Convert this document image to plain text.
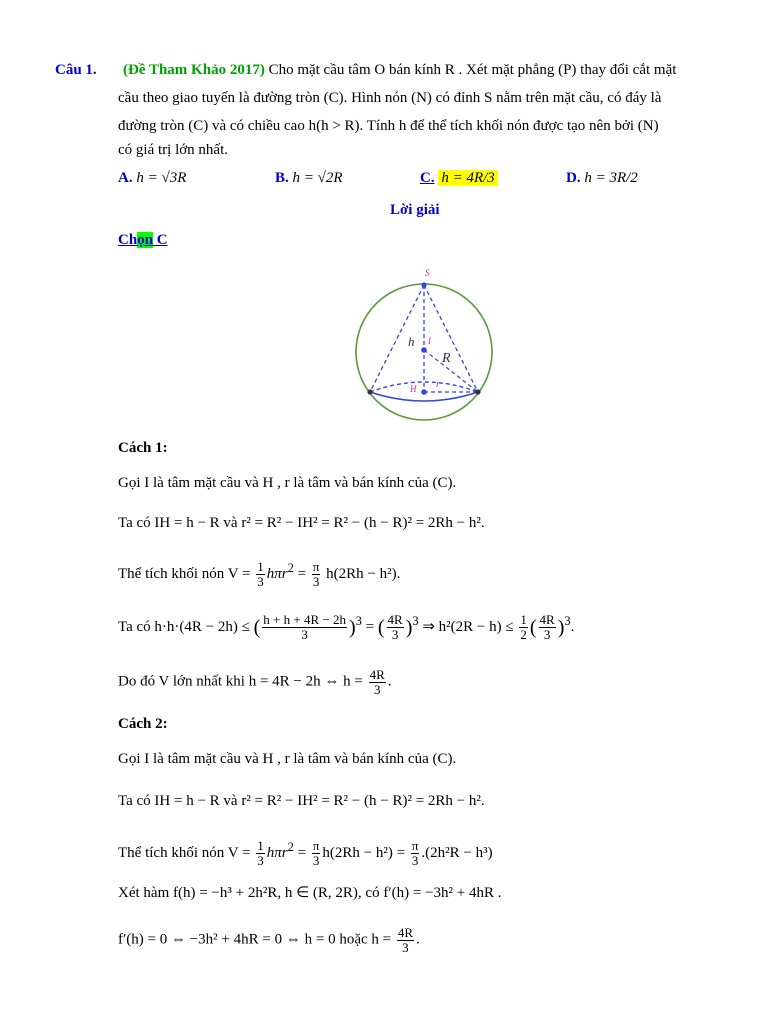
Câu 1. (Đề Tham Khảo 2017) Cho mặt cầu tâm O bán kính R . Xét mặt phẳng (P) thay đổi cắt mặt
cầu theo giao tuyến là đường tròn (C). Hình nón (N) có đỉnh S nằm trên mặt cầu, có đáy là
đường tròn (C) và có chiều cao h(h > R). Tính h để thể tích khối nón được tạo nên bởi (N)
có giá trị lớn nhất.
A. h = √3R	B. h = √2R	C. h = 4R/3	D. h = 3R/2
Lời giải
Chọn C
S
I
h
R
H r
Cách 1:
Gọi I là tâm mặt cầu và H , r là tâm và bán kính của (C).
Ta có IH = h − R và r² = R² − IH² = R² − (h − R)² = 2Rh − h².
Thể tích khối nón $V = \frac{1}{3} h\pi r^2 = \frac{\pi}{3} h(2Rh - h^2)$.
Ta có h·h·(4R − 2h) ≤ ( $\frac{h + h + 4R - 2h}{3} )^3$ = ( $\frac{4R}{3} )^3$ ⇒ $h^2(2R - h) \le \frac{1}{2}$ ( $\frac{4R}{3} )^3$.
Do đó V lớn nhất khi h = 4R − 2h ⇔ $h = \frac{4R}{3}$ .
Cách 2:
Gọi I là tâm mặt cầu và H , r là tâm và bán kính của (C).
Ta có IH = h − R và r² = R² − IH² = R² − (h − R)² = 2Rh − h².
Thể tích khối nón $V = \frac{1}{3} h\pi r^2 = \frac{\pi}{3} h(2Rh - h^2) = \frac{\pi}{3} .(2h^2R - h^3)$
Xét hàm f(h) = −h³ + 2h²R, h ∈ (R, 2R), có f′(h) = −3h² + 4hR .
f′(h) = 0 ⇔ −3h² + 4hR = 0 ⇔ h = 0 hoặc $h = \frac{4R}{3}$ .
